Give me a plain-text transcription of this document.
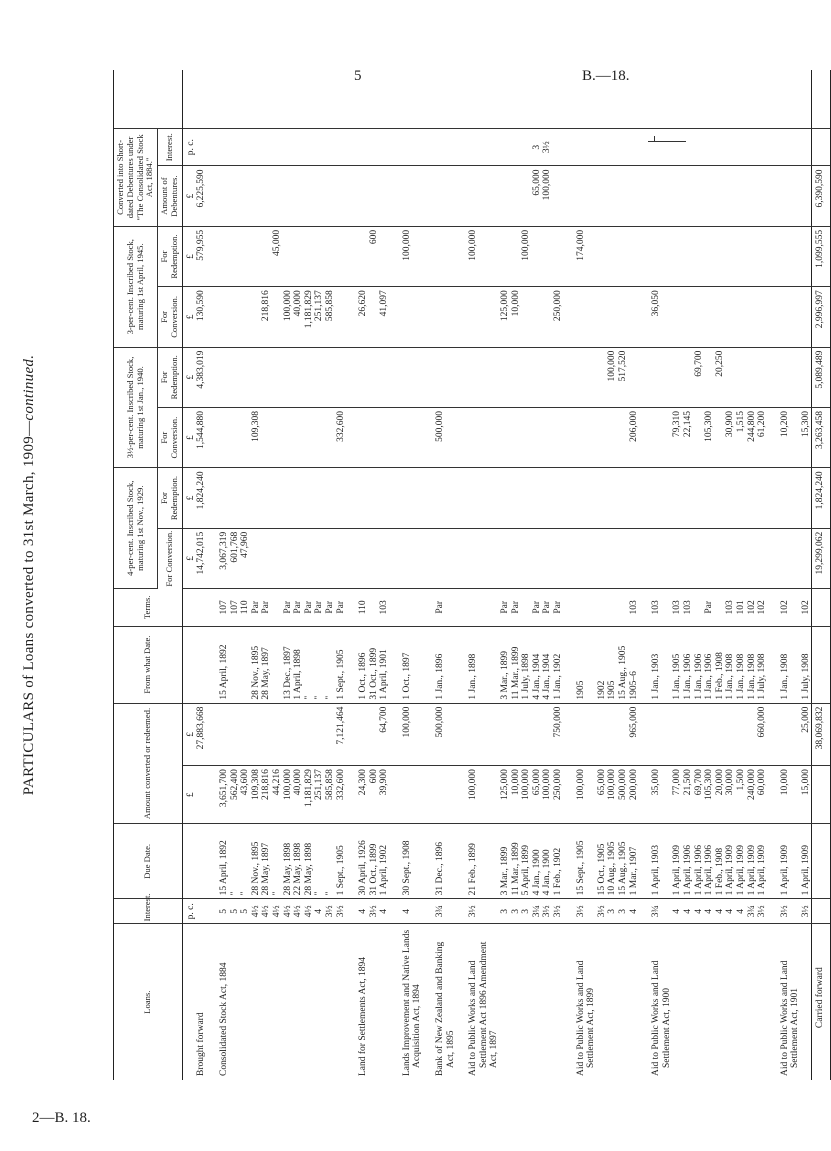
5	B.—18.
2—B. 18.
PARTICULARS of Loans converted to 31st March, 1909—continued.
Loans.	Interest.	Due Date.	Amount converted or redeemed.		From what Date.	Terms.	4-per-cent. Inscribed Stock, maturing 1st Nov., 1929.		3½-per-cent. Inscribed Stock, maturing 1st Jan., 1940.		3-per-cent. Inscribed Stock, maturing 1st April, 1945.		Converted into Short-dated Debentures under "The Consolidated Stock Act, 1884."		
							For Conversion.	For Redemption.	For Conversion.	For Redemption.	For Conversion.	For Redemption.	Amount of Debentures.	Interest.	
	p. c.		£	£			£	£	£	£	£	£	£	p. c.	
Brought forward				27,883,668			14,742,015	1,824,240	1,544,880	4,383,019	130,590	579,955	6,225,590		

Consolidated Stock Act, 1884	5	15 April, 1892	3,651,700		15 April, 1892	107	3,067,319								
	5	"	562,400			107	601,768								
	5	"	43,600			110	47,960								
	4½	28 Nov., 1895	109,308		28 Nov., 1895	Par			109,308						
	4½	28 May, 1897	218,816		28 May, 1897	Par					218,816				
	4½	"	44,216									45,000			
	4½	28 May, 1898	100,000		13 Dec., 1897	Par					100,000				
	4½	22 May, 1898	40,000		1 April, 1898	Par					40,000				
	4½	28 May, 1898	1,181,829		"	Par					1,181,829				
	4	"	251,137		"	Par					251,137				
	3½	"	585,858		"	Par					585,858				
	3½	1 Sept., 1905	332,600	7,121,464	1 Sept., 1905	Par			332,600						

Land for Settlements Act, 1894	4	30 April, 1926	24,300		1 Oct., 1896	110					26,620				
	3½	31 Oct., 1899	600		31 Oct., 1899							600			
	4	1 April, 1902	39,900	64,700	1 April, 1901	103					41,097				

Lands Improvement and Native Lands Acquisition Act, 1894	4	30 Sept., 1908		100,000	1 Oct., 1897							100,000			

Bank of New Zealand and Banking Act, 1895	3¾	31 Dec., 1896		500,000	1 Jan., 1896	Par			500,000						

Aid to Public Works and Land Settlement Act 1896 Amendment Act, 1897	3½	21 Feb., 1899	100,000		1 Jan., 1898							100,000			
	3	3 Mar., 1899	125,000		3 Mar., 1899	Par					125,000				
	3	11 Mar., 1899	10,000		11 Mar., 1899	Par					10,000				
	3	5 April, 1899	100,000		1 July, 1898							100,000			
	3¼	4 Jan., 1900	65,000		4 Jan., 1904	Par							65,000	3	
	3½	4 Jan., 1900	100,000		4 Jan., 1904	Par							100,000	3½	
	3½	1 Feb., 1902	250,000	750,000	1 Jan., 1902	Par					250,000				

Aid to Public Works and Land Settlement Act, 1899	3½	15 Sept., 1905	100,000		1905							174,000			
	3½	15 Oct., 1905	65,000		1902										
	3	10 Aug., 1905	100,000		1905					100,000					
	3	15 Aug., 1905	500,000		15 Aug., 1905					517,520					
	4	1 Mar., 1907	200,000	965,000	1905–6	103			206,000						

Aid to Public Works and Land Settlement Act, 1900	3¾	1 April, 1903	35,000		1 Jan., 1903	103					36,050				
	4	1 April, 1909	77,000		1 Jan., 1905	103			79,310						
	4	1 April, 1906	21,500		1 Jan., 1906	103			22,145						
	4	1 April, 1906	69,700		1 Jan., 1906					69,700					
	4	1 April, 1906	105,300		1 Jan., 1906	Par			105,300						
	4	1 Feb., 1908	20,000		1 Feb., 1908					20,250					
	4	1 April, 1909	30,000		1 Jan., 1908	103			30,900						
	4	1 April, 1909	1,500		1 Jan., 1908	101			1,515						
	3¾	1 April, 1909	240,000		1 Jan., 1908	102			244,800						
	3½	1 April, 1909	60,000	660,000	1 July, 1908	102			61,200						

Aid to Public Works and Land Settlement Act, 1901	3½	1 April, 1909	10,000		1 Jan., 1908	102			10,200						
	3½	1 April, 1909	15,000	25,000	1 July, 1908	102			15,300						
Carried forward				38,069,832			19,299,062	1,824,240	3,263,458	5,089,489	2,996,997	1,099,555	6,390,590		
